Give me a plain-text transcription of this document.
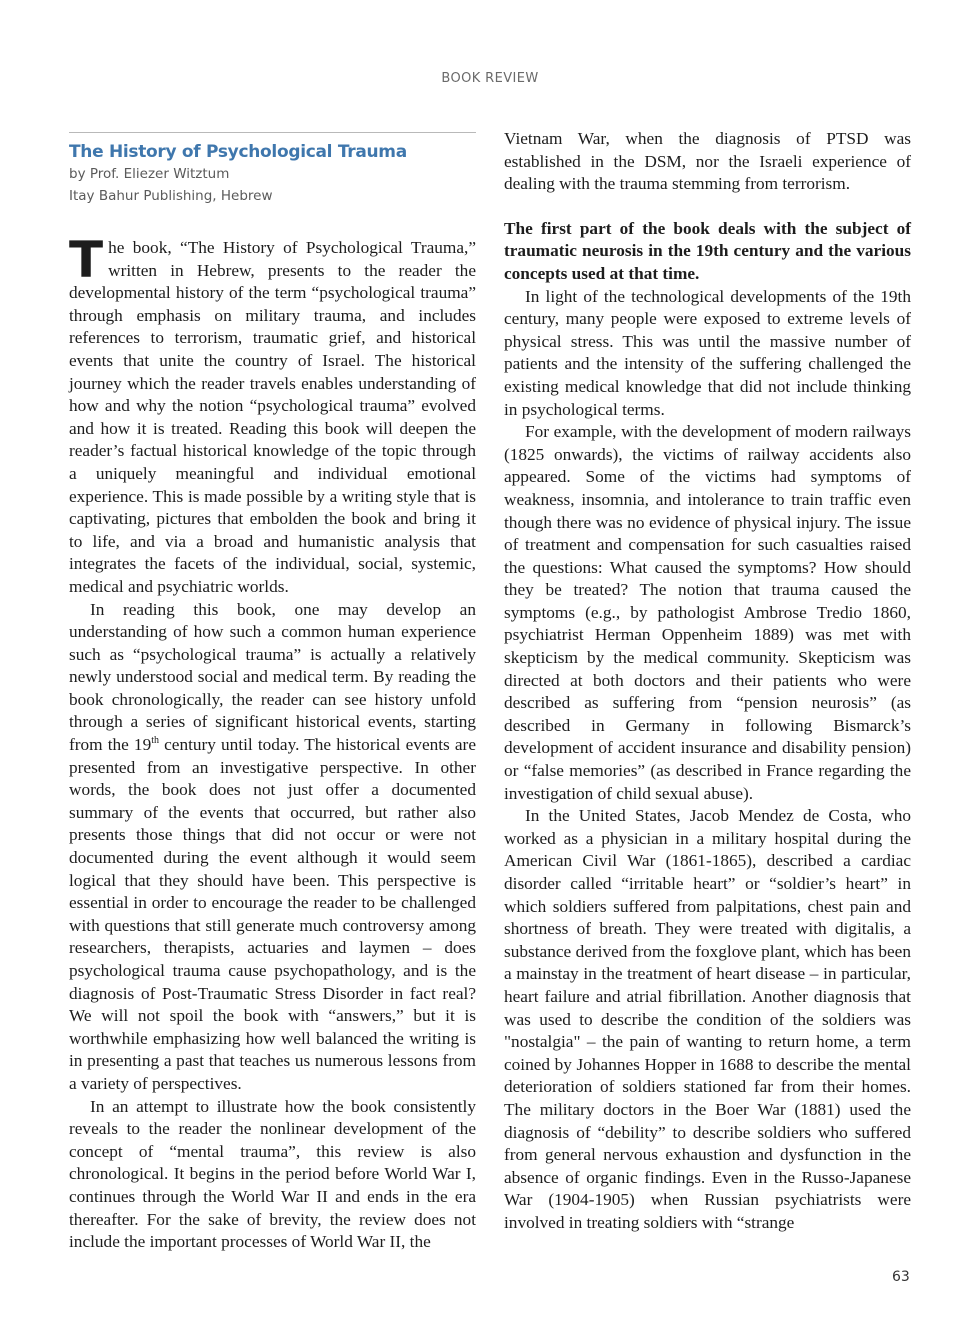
BOOK REVIEW
The History of Psychological Trauma
by Prof. Eliezer Witztum
Itay Bahur Publishing, Hebrew

The book, “The History of Psychological Trauma,” written in Hebrew, presents to the reader the developmental history of the term “psychological trauma” through emphasis on military trauma, and includes references to terrorism, traumatic grief, and historical events that unite the country of Israel. The historical journey which the reader travels enables understanding of how and why the notion “psychological trauma” evolved and how it is treated. Reading this book will deepen the reader’s factual historical knowledge of the topic through a uniquely meaningful and individual emotional experience. This is made possible by a writing style that is captivating, pictures that embolden the book and bring it to life, and via a broad and humanistic analysis that integrates the facets of the individual, social, systemic, medical and psychiatric worlds.

In reading this book, one may develop an understanding of how such a common human experience such as “psychological trauma” is actually a relatively newly understood social and medical term. By reading the book chronologically, the reader can see history unfold through a series of significant historical events, starting from the 19th century until today. The historical events are presented from an investigative perspective. In other words, the book does not just offer a documented summary of the events that occurred, but rather also presents those things that did not occur or were not documented during the event although it would seem logical that they should have been. This perspective is essential in order to encourage the reader to be challenged with questions that still generate much controversy among researchers, therapists, actuaries and laymen – does psychological trauma cause psychopathology, and is the diagnosis of Post-Traumatic Stress Disorder in fact real? We will not spoil the book with “answers,” but it is worthwhile emphasizing how well balanced the writing is in presenting a past that teaches us numerous lessons from a variety of perspectives.

In an attempt to illustrate how the book consistently reveals to the reader the nonlinear development of the concept of “mental trauma”, this review is also chronological. It begins in the period before World War I, continues through the World War II and ends in the era thereafter. For the sake of brevity, the review does not include the important processes of World War II, the

Vietnam War, when the diagnosis of PTSD was established in the DSM, nor the Israeli experience of dealing with the trauma stemming from terrorism.

The first part of the book deals with the subject of traumatic neurosis in the 19th century and the various concepts used at that time.

In light of the technological developments of the 19th century, many people were exposed to extreme levels of physical stress. This was until the massive number of patients and the intensity of the suffering challenged the existing medical knowledge that did not include thinking in psychological terms.

For example, with the development of modern railways (1825 onwards), the victims of railway accidents also appeared. Some of the victims had symptoms of weakness, insomnia, and intolerance to train traffic even though there was no evidence of physical injury. The issue of treatment and compensation for such casualties raised the questions: What caused the symptoms? How should they be treated? The notion that trauma caused the symptoms (e.g., by pathologist Ambrose Tredio 1860, psychiatrist Herman Oppenheim 1889) was met with skepticism by the medical community. Skepticism was directed at both doctors and their patients who were described as suffering from “pension neurosis” (as described in Germany in following Bismarck’s development of accident insurance and disability pension) or “false memories” (as described in France regarding the investigation of child sexual abuse).

In the United States, Jacob Mendez de Costa, who worked as a physician in a military hospital during the American Civil War (1861-1865), described a cardiac disorder called “irritable heart” or “soldier’s heart” in which soldiers suffered from palpitations, chest pain and shortness of breath. They were treated with digitalis, a substance derived from the foxglove plant, which has been a mainstay in the treatment of heart disease – in particular, heart failure and atrial fibrillation. Another diagnosis that was used to describe the condition of the soldiers was "nostalgia" – the pain of wanting to return home, a term coined by Johannes Hopper in 1688 to describe the mental deterioration of soldiers stationed far from their homes. The military doctors in the Boer War (1881) used the diagnosis of “debility” to describe soldiers who suffered from general nervous exhaustion and dysfunction in the absence of organic findings. Even in the Russo-Japanese War (1904-1905) when Russian psychiatrists were involved in treating soldiers with “strange

63
